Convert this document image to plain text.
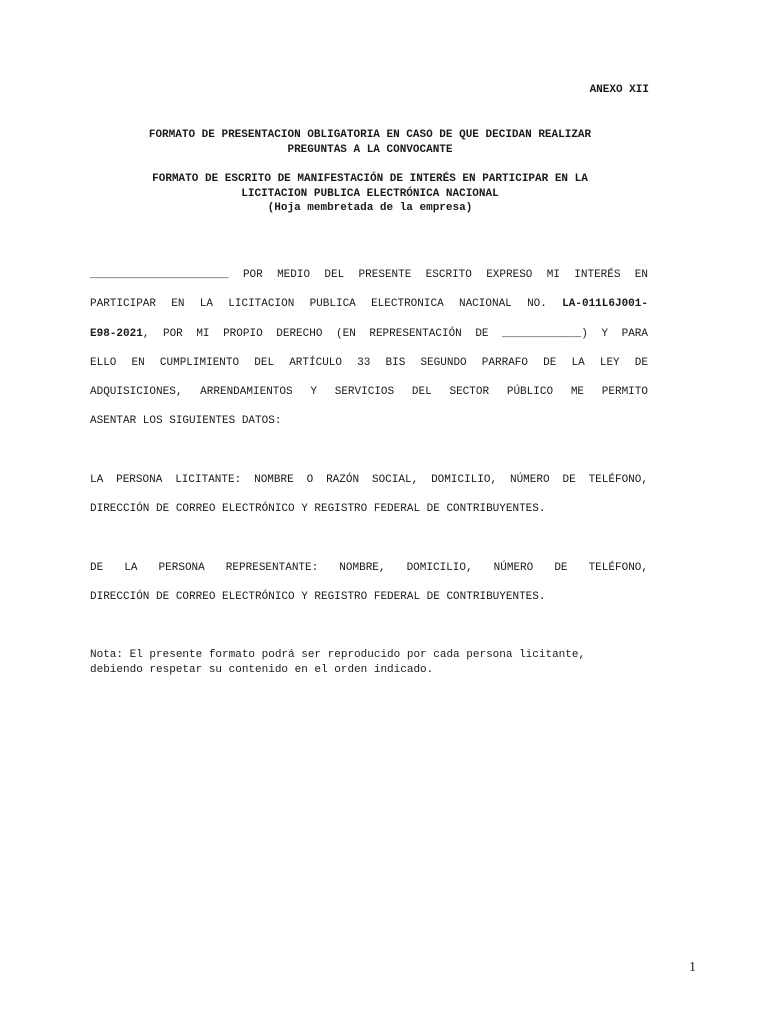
ANEXO XII
FORMATO DE PRESENTACION OBLIGATORIA EN CASO DE QUE DECIDAN REALIZAR
PREGUNTAS A LA CONVOCANTE
FORMATO DE ESCRITO DE MANIFESTACIÓN DE INTERÉS EN PARTICIPAR EN LA
LICITACION PUBLICA ELECTRÓNICA NACIONAL
(Hoja membretada de la empresa)
_____________________ POR MEDIO DEL PRESENTE ESCRITO EXPRESO MI INTERÉS EN
PARTICIPAR EN LA LICITACION PUBLICA ELECTRONICA NACIONAL NO. LA-011L6J001-
E98-2021, POR MI PROPIO DERECHO (EN REPRESENTACIÓN DE ____________) Y PARA
ELLO EN CUMPLIMIENTO DEL ARTÍCULO 33 BIS SEGUNDO PARRAFO DE LA LEY DE
ADQUISICIONES, ARRENDAMIENTOS Y SERVICIOS DEL SECTOR PÚBLICO ME PERMITO
ASENTAR LOS SIGUIENTES DATOS:
LA PERSONA LICITANTE: NOMBRE O RAZÓN SOCIAL, DOMICILIO, NÚMERO DE TELÉFONO,
DIRECCIÓN DE CORREO ELECTRÓNICO Y REGISTRO FEDERAL DE CONTRIBUYENTES.
DE LA PERSONA REPRESENTANTE: NOMBRE, DOMICILIO, NÚMERO DE TELÉFONO,
DIRECCIÓN DE CORREO ELECTRÓNICO Y REGISTRO FEDERAL DE CONTRIBUYENTES.
Nota: El presente formato podrá ser reproducido por cada persona licitante,
debiendo respetar su contenido en el orden indicado.
1
